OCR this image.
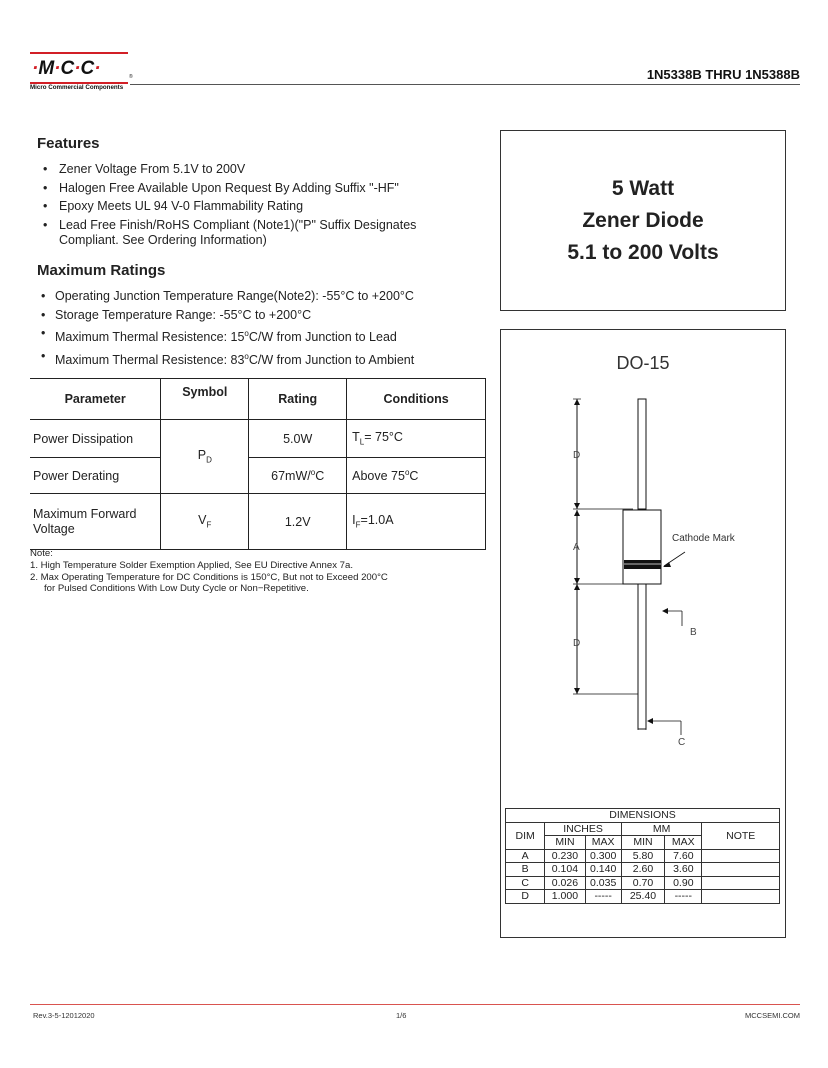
·M·C·C·	®
Micro Commercial Components
1N5338B THRU 1N5388B
Features
• Zener Voltage From 5.1V to 200V
• Halogen Free Available Upon Request By Adding Suffix "-HF"
• Epoxy Meets UL 94 V-0 Flammability Rating
• Lead Free Finish/RoHS Compliant (Note1)("P" Suffix Designates Compliant. See Ordering Information)
Maximum Ratings
• Operating Junction Temperature Range(Note2): -55°C to +200°C
• Storage Temperature Range: -55°C to +200°C
• Maximum Thermal Resistence: 15$^o$C/W from Junction to Lead
• Maximum Thermal Resistence: 83$^o$C/W from Junction to Ambient
Parameter	Symbol	Rating	Conditions
Power Dissipation	$P_D$	5.0W	$T_L= 75^\circ C$
Power Derating		67mW/$^o$C	Above 75$^o$C
Maximum Forward Voltage	$V_F$	1.2V	$I_F=1.0A$
Note:
1. High Temperature Solder Exemption Applied, See EU Directive Annex 7a.
2. Max Operating Temperature for DC Conditions is 150°C, But not to Exceed 200°C
for Pulsed Conditions With Low Duty Cycle or Non−Repetitive.
5 Watt
Zener Diode
5.1 to 200 Volts
DO-15
D
A
D
B
C
Cathode Mark
DIMENSIONS					
DIM	INCHES		MM		NOTE
	MIN	MAX	MIN	MAX	
A	0.230	0.300	5.80	7.60	
B	0.104	0.140	2.60	3.60	
C	0.026	0.035	0.70	0.90	
D	1.000	-----	25.40	-----	
Rev.3-5-12012020	1/6	MCCSEMI.COM
